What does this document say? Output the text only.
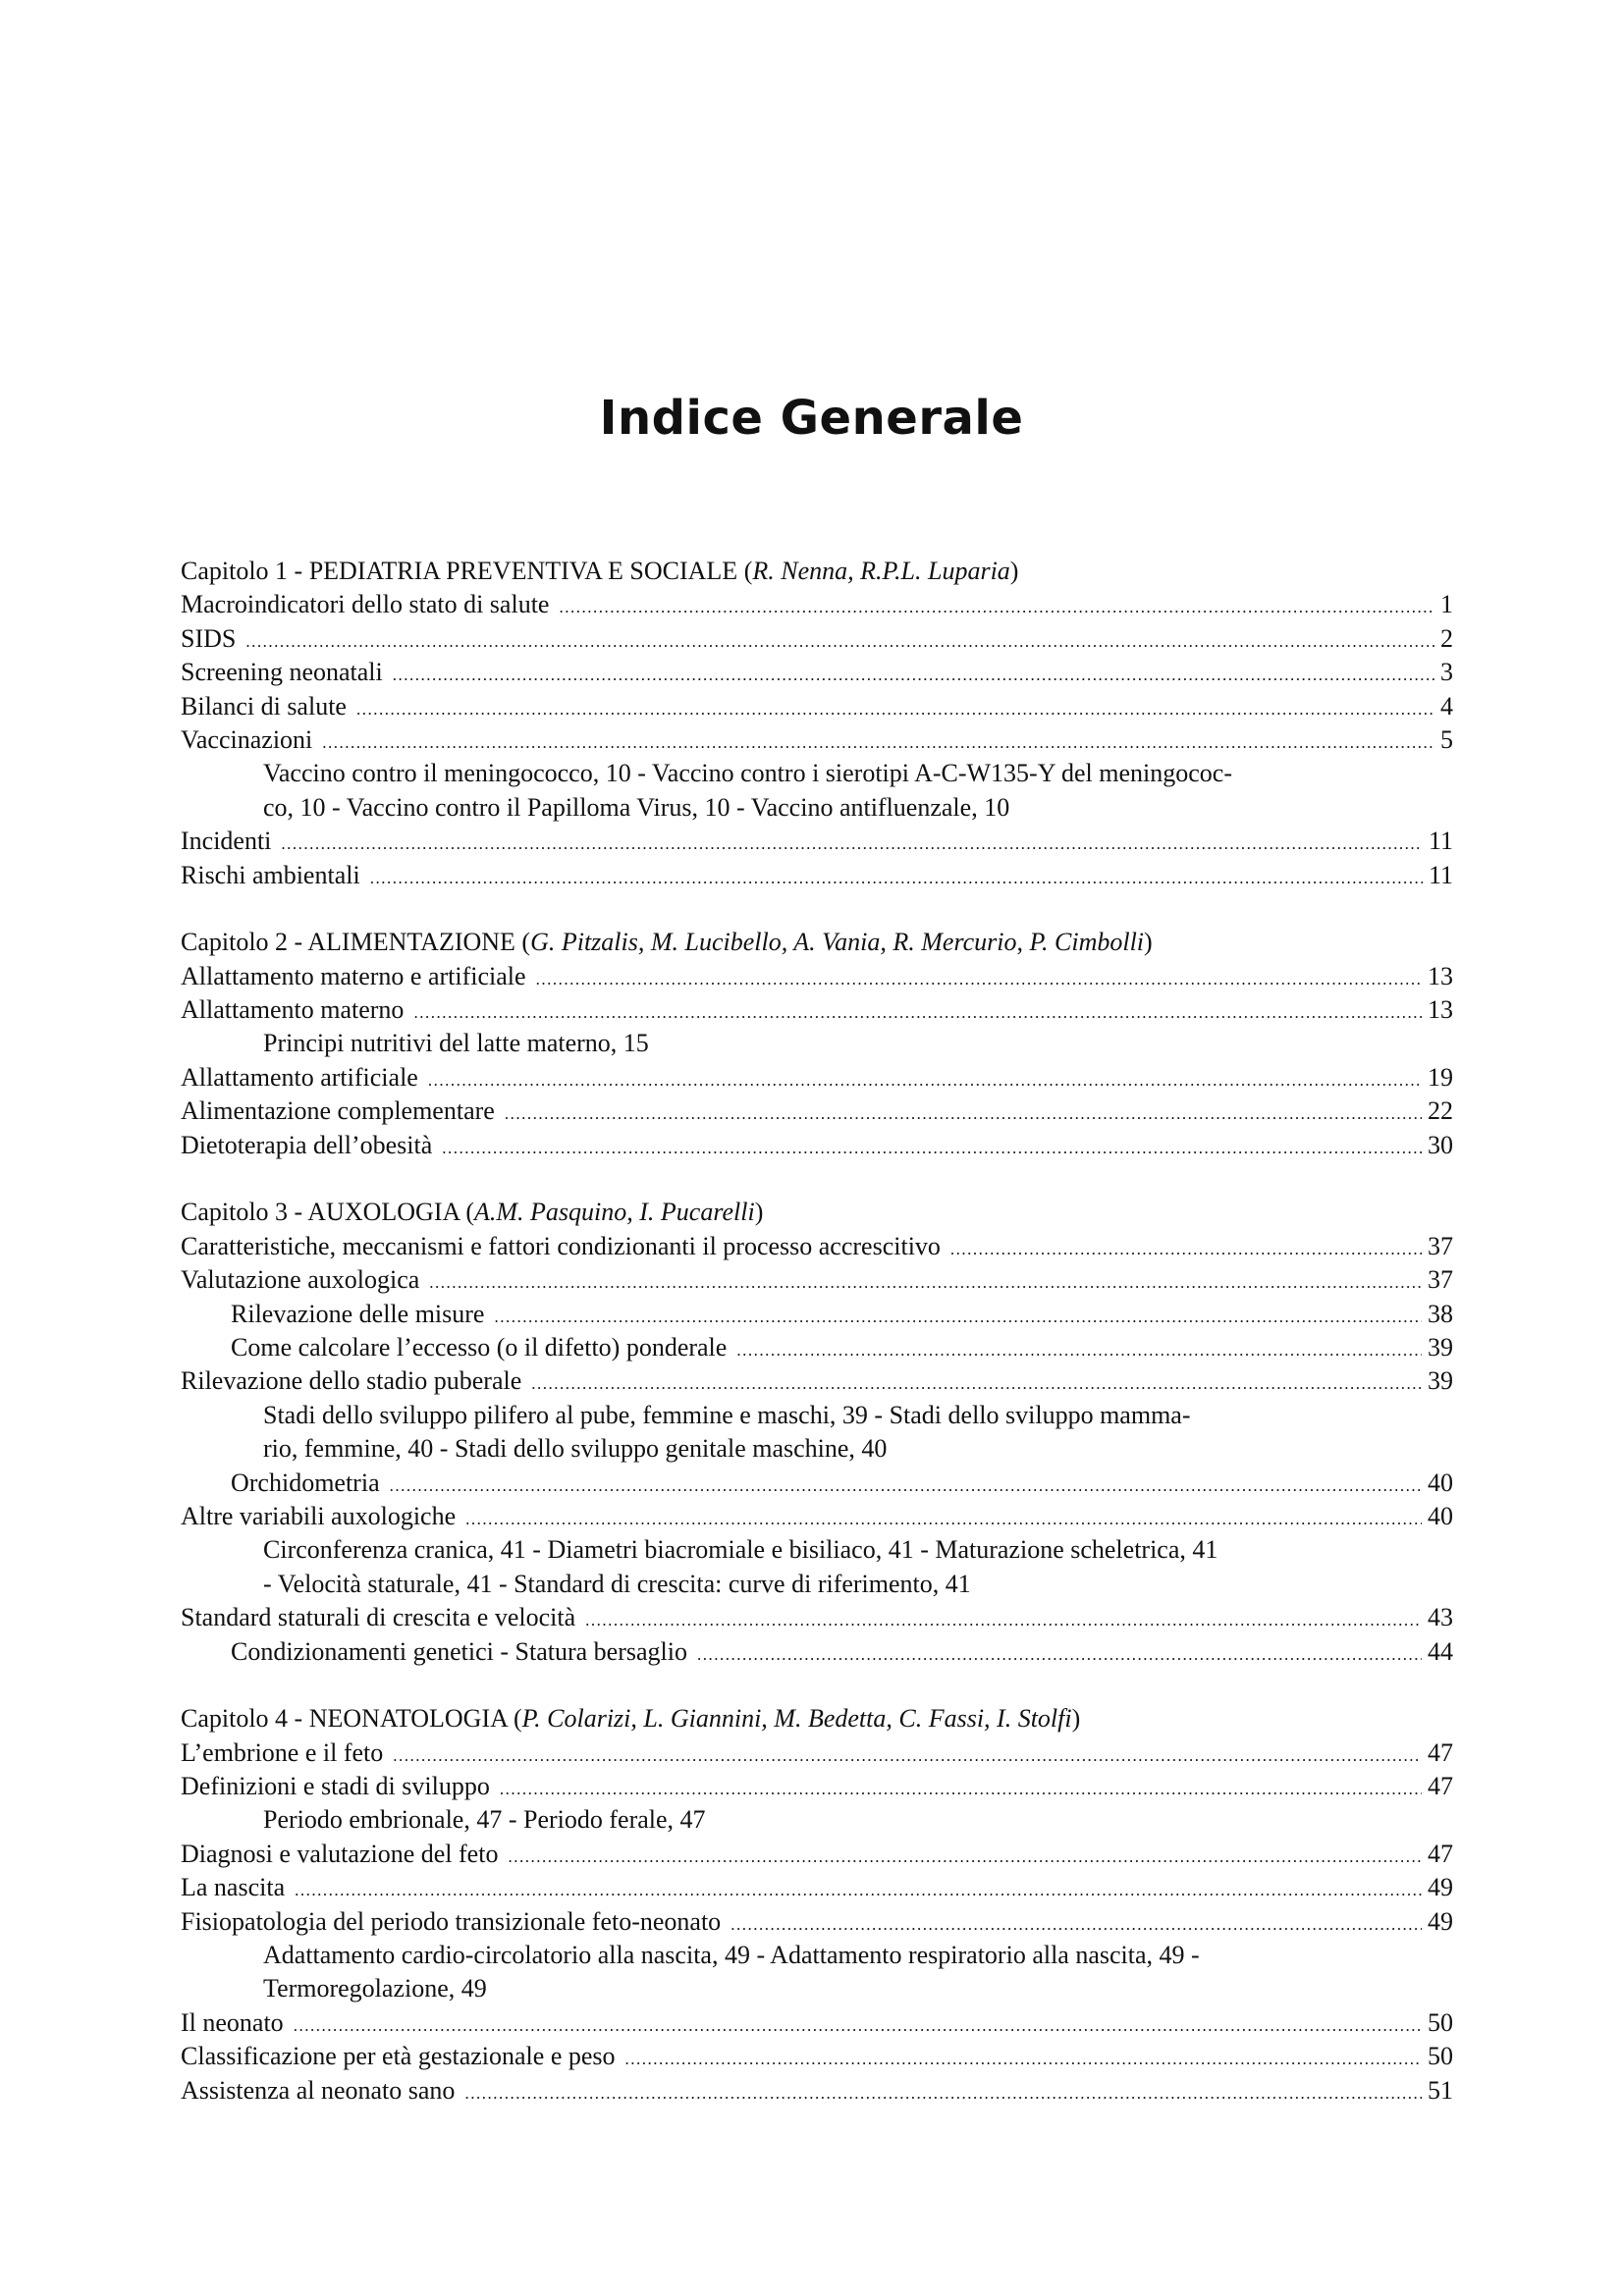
Indice Generale
Capitolo 1 - PEDIATRIA PREVENTIVA E SOCIALE (R. Nenna, R.P.L. Luparia)
Macroindicatori dello stato di salute .....	1
SIDS .....	2
Screening neonatali .....	3
Bilanci di salute .....	4
Vaccinazioni .....	5
Vaccino contro il meningococco, 10 - Vaccino contro i sierotipi A-C-W135-Y del meningococ-
co, 10 - Vaccino contro il Papilloma Virus, 10 - Vaccino antifluenzale, 10
Incidenti .....	11
Rischi ambientali .....	11
Capitolo 2 - ALIMENTAZIONE (G. Pitzalis, M. Lucibello, A. Vania, R. Mercurio, P. Cimbolli)
Allattamento materno e artificiale .....	13
Allattamento materno .....	13
Principi nutritivi del latte materno, 15
Allattamento artificiale .....	19
Alimentazione complementare .....	22
Dietoterapia dell’obesità .....	30
Capitolo 3 - AUXOLOGIA (A.M. Pasquino, I. Pucarelli)
Caratteristiche, meccanismi e fattori condizionanti il processo accrescitivo .....	37
Valutazione auxologica .....	37
Rilevazione delle misure .....	38
Come calcolare l’eccesso (o il difetto) ponderale .....	39
Rilevazione dello stadio puberale .....	39
Stadi dello sviluppo pilifero al pube, femmine e maschi, 39 - Stadi dello sviluppo mamma-
rio, femmine, 40 - Stadi dello sviluppo genitale maschine, 40
Orchidometria .....	40
Altre variabili auxologiche .....	40
Circonferenza cranica, 41 - Diametri biacromiale e bisiliaco, 41 - Maturazione scheletrica, 41
- Velocità staturale, 41 - Standard di crescita: curve di riferimento, 41
Standard staturali di crescita e velocità .....	43
Condizionamenti genetici - Statura bersaglio .....	44
Capitolo 4 - NEONATOLOGIA (P. Colarizi, L. Giannini, M. Bedetta, C. Fassi, I. Stolfi)
L’embrione e il feto .....	47
Definizioni e stadi di sviluppo .....	47
Periodo embrionale, 47 - Periodo ferale, 47
Diagnosi e valutazione del feto .....	47
La nascita .....	49
Fisiopatologia del periodo transizionale feto-neonato .....	49
Adattamento cardio-circolatorio alla nascita, 49 - Adattamento respiratorio alla nascita, 49 -
Termoregolazione, 49
Il neonato .....	50
Classificazione per età gestazionale e peso .....	50
Assistenza al neonato sano .....	51
